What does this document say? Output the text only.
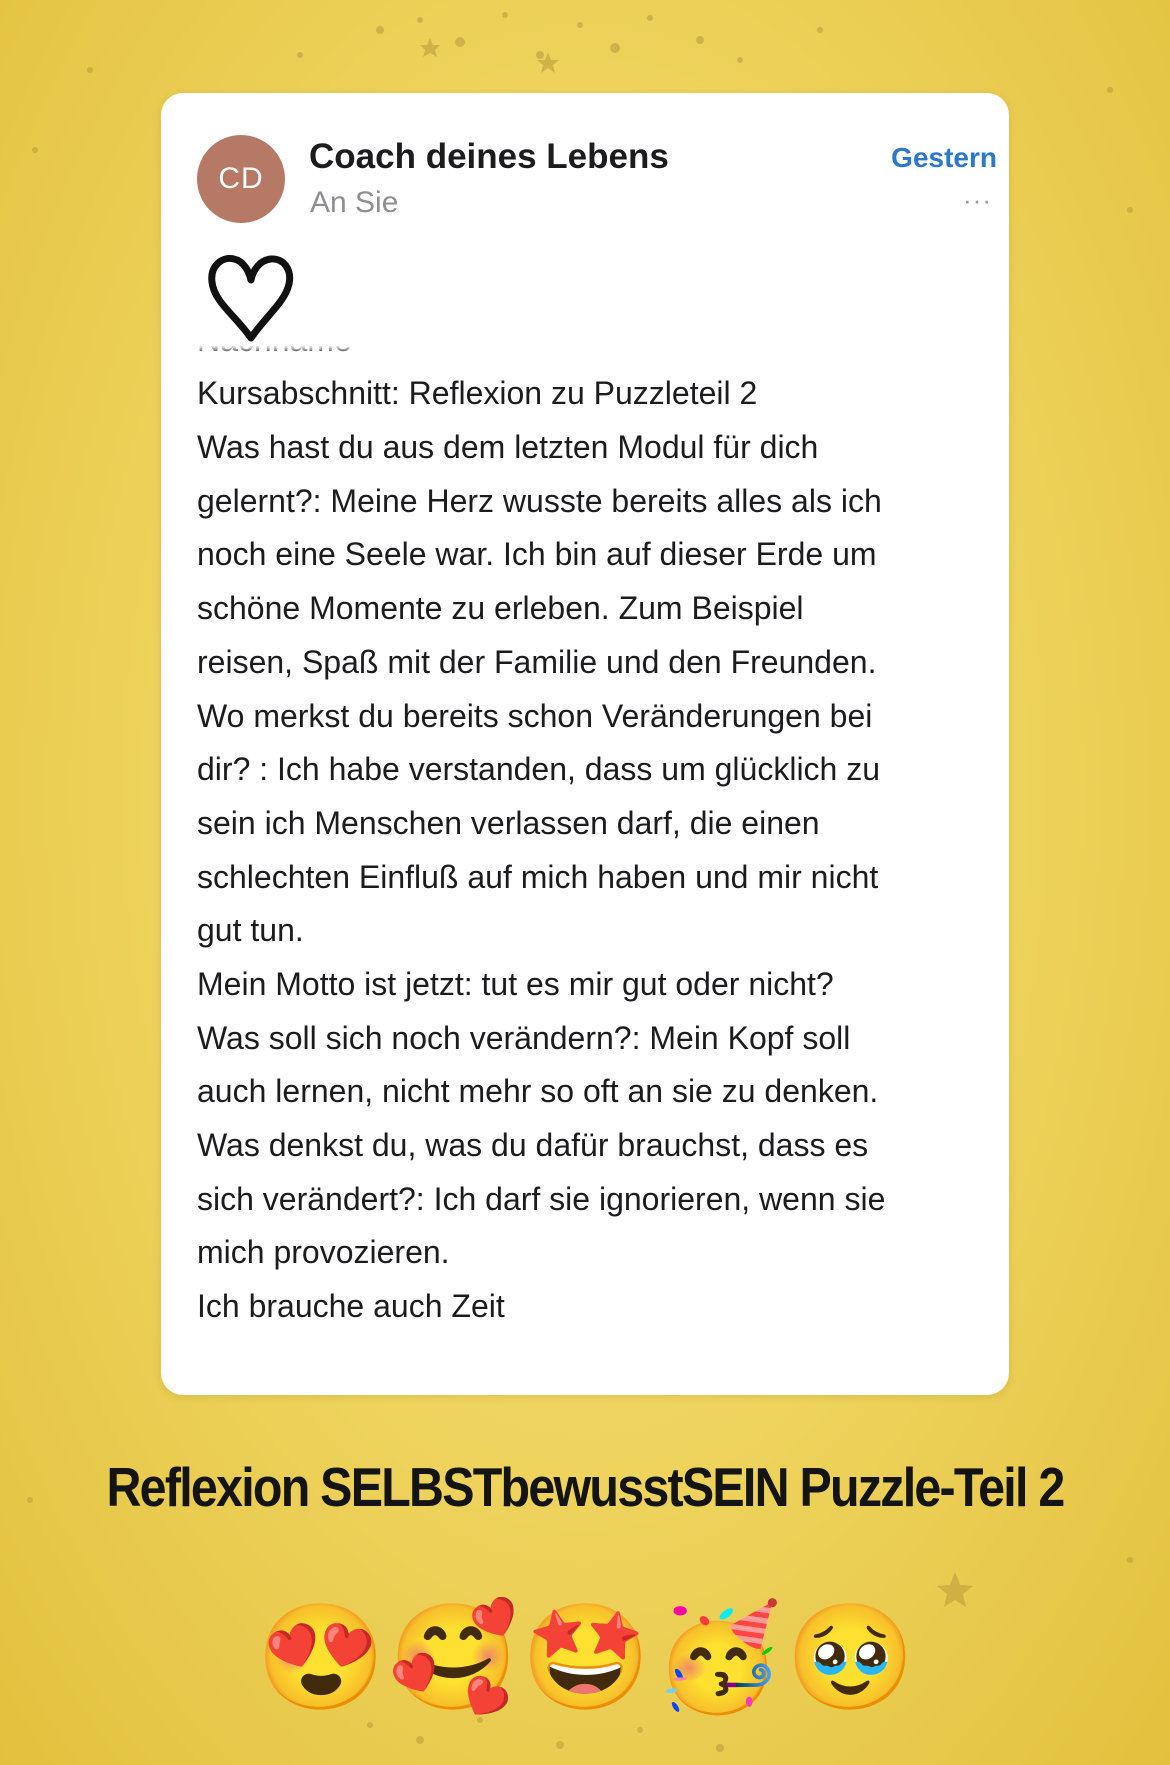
CD
Coach deines Lebens
An Sie
Gestern
···
Kursabschnitt: Reflexion zu Puzzleteil 2
Was hast du aus dem letzten Modul für dich
gelernt?: Meine Herz wusste bereits alles als ich
noch eine Seele war. Ich bin auf dieser Erde um
schöne Momente zu erleben. Zum Beispiel
reisen, Spaß mit der Familie und den Freunden.
Wo merkst du bereits schon Veränderungen bei
dir? : Ich habe verstanden, dass um glücklich zu
sein ich Menschen verlassen darf, die einen
schlechten Einfluß auf mich haben und mir nicht
gut tun.
Mein Motto ist jetzt: tut es mir gut oder nicht?
Was soll sich noch verändern?: Mein Kopf soll
auch lernen, nicht mehr so oft an sie zu denken.
Was denkst du, was du dafür brauchst, dass es
sich verändert?: Ich darf sie ignorieren, wenn sie
mich provozieren.
Ich brauche auch Zeit
Reflexion SELBSTbewusstSEIN Puzzle-Teil 2
😍 🥰 🤩 🥳 🥹
